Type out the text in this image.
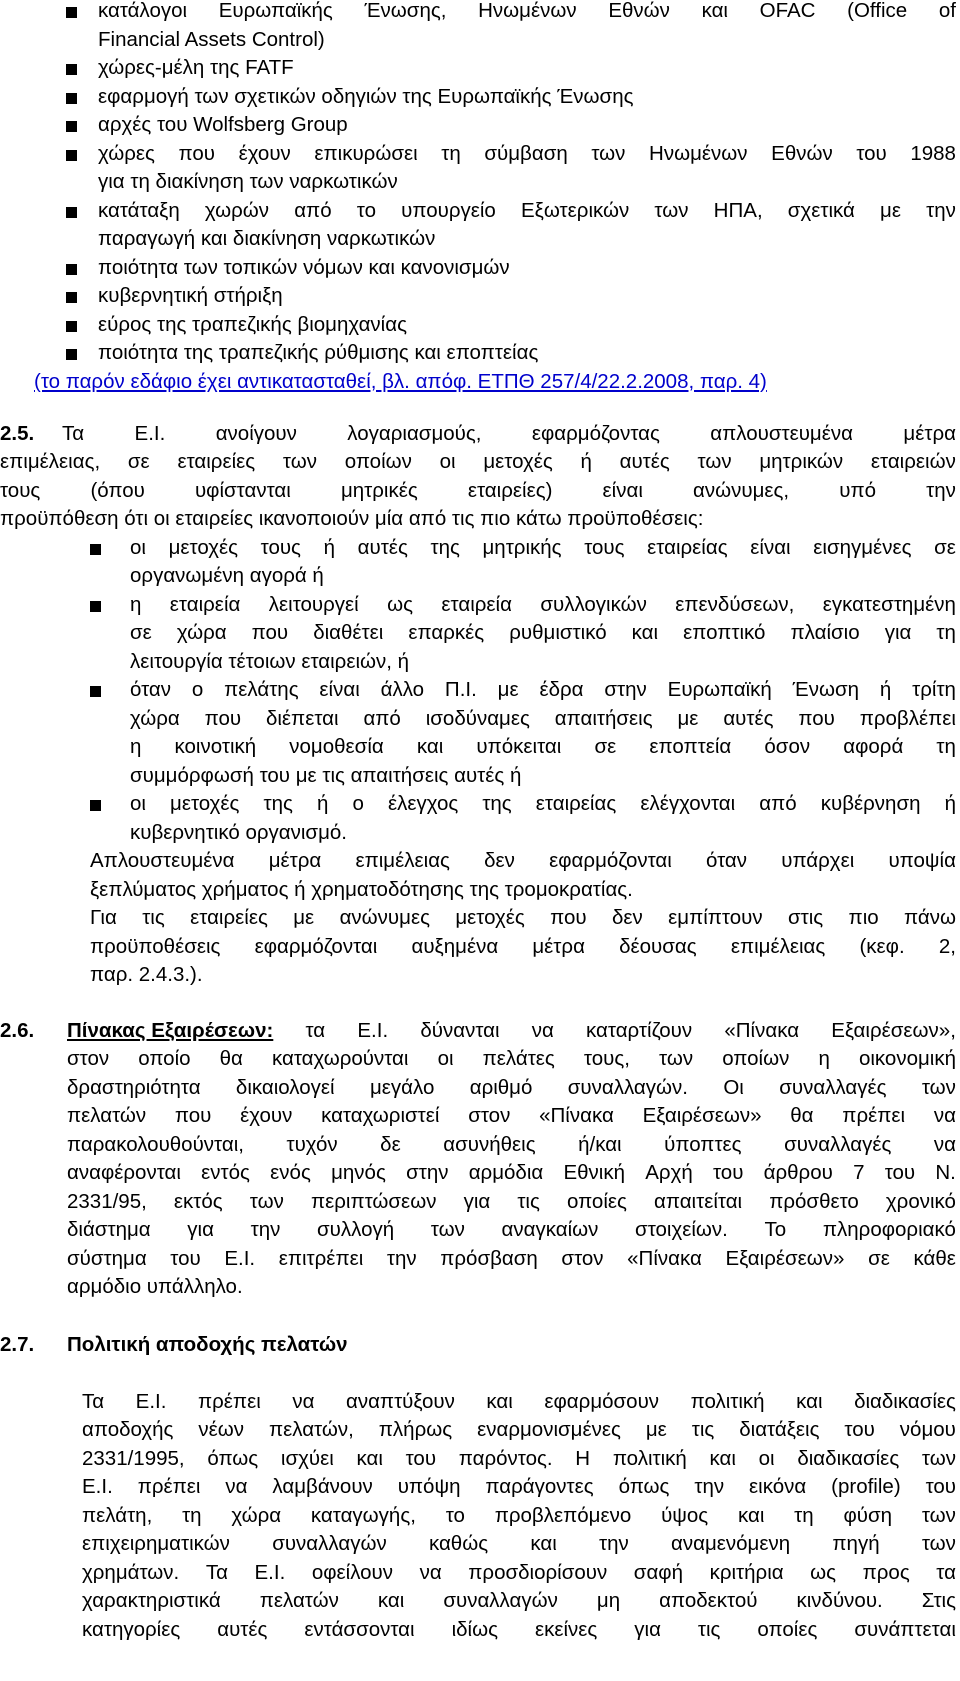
κατάλογοι Ευρωπαϊκής Ένωσης, Ηνωμένων Εθνών και OFAC (Office of
Financial Assets Control)
χώρες-μέλη της FATF
εφαρμογή των σχετικών οδηγιών της Ευρωπαϊκής Ένωσης
αρχές του Wolfsberg Group
χώρες που έχουν επικυρώσει τη σύμβαση των Ηνωμένων Εθνών του 1988
για τη διακίνηση των ναρκωτικών
κατάταξη χωρών από το υπουργείο Εξωτερικών των ΗΠΑ, σχετικά με την
παραγωγή και διακίνηση ναρκωτικών
ποιότητα των τοπικών νόμων και κανονισμών
κυβερνητική στήριξη
εύρος της τραπεζικής βιομηχανίας
ποιότητα της τραπεζικής ρύθμισης και εποπτείας
(το παρόν εδάφιο έχει αντικατασταθεί, βλ. απόφ. ΕΤΠΘ 257/4/22.2.2008, παρ. 4)
2.5. Τα Ε.Ι. ανοίγουν λογαριασμούς, εφαρμόζοντας απλουστευμένα μέτρα
επιμέλειας, σε εταιρείες των οποίων οι μετοχές ή αυτές των μητρικών εταιρειών
τους (όπου υφίστανται μητρικές εταιρείες) είναι ανώνυμες, υπό την
προϋπόθεση ότι οι εταιρείες ικανοποιούν μία από τις πιο κάτω προϋποθέσεις:
οι μετοχές τους ή αυτές της μητρικής τους εταιρείας είναι εισηγμένες σε
οργανωμένη αγορά ή
η εταιρεία λειτουργεί ως εταιρεία συλλογικών επενδύσεων, εγκατεστημένη
σε χώρα που διαθέτει επαρκές ρυθμιστικό και εποπτικό πλαίσιο για τη
λειτουργία τέτοιων εταιρειών, ή
όταν ο πελάτης είναι άλλο Π.Ι. με έδρα στην Ευρωπαϊκή Ένωση ή τρίτη
χώρα που διέπεται από ισοδύναμες απαιτήσεις με αυτές που προβλέπει
η κοινοτική νομοθεσία και υπόκειται σε εποπτεία όσον αφορά τη
συμμόρφωσή του με τις απαιτήσεις αυτές ή
οι μετοχές της ή ο έλεγχος της εταιρείας ελέγχονται από κυβέρνηση ή
κυβερνητικό οργανισμό.
Απλουστευμένα μέτρα επιμέλειας δεν εφαρμόζονται όταν υπάρχει υποψία
ξεπλύματος χρήματος ή χρηματοδότησης της τρομοκρατίας.
Για τις εταιρείες με ανώνυμες μετοχές που δεν εμπίπτουν στις πιο πάνω
προϋποθέσεις εφαρμόζονται αυξημένα μέτρα δέουσας επιμέλειας (κεφ. 2,
παρ. 2.4.3.).
2.6. Πίνακας Εξαιρέσεων: τα Ε.Ι. δύνανται να καταρτίζουν «Πίνακα Εξαιρέσεων»,
στον οποίο θα καταχωρούνται οι πελάτες τους, των οποίων η οικονομική
δραστηριότητα δικαιολογεί μεγάλο αριθμό συναλλαγών. Οι συναλλαγές των
πελατών που έχουν καταχωριστεί στον «Πίνακα Εξαιρέσεων» θα πρέπει να
παρακολουθούνται, τυχόν δε ασυνήθεις ή/και ύποπτες συναλλαγές να
αναφέρονται εντός ενός μηνός στην αρμόδια Εθνική Αρχή του άρθρου 7 του Ν.
2331/95, εκτός των περιπτώσεων για τις οποίες απαιτείται πρόσθετο χρονικό
διάστημα για την συλλογή των αναγκαίων στοιχείων. Το πληροφοριακό
σύστημα του Ε.Ι. επιτρέπει την πρόσβαση στον «Πίνακα Εξαιρέσεων» σε κάθε
αρμόδιο υπάλληλο.
2.7. Πολιτική αποδοχής πελατών
Τα Ε.Ι. πρέπει να αναπτύξουν και εφαρμόσουν πολιτική και διαδικασίες
αποδοχής νέων πελατών, πλήρως εναρμονισμένες με τις διατάξεις του νόμου
2331/1995, όπως ισχύει και του παρόντος. Η πολιτική και οι διαδικασίες των
Ε.Ι. πρέπει να λαμβάνουν υπόψη παράγοντες όπως την εικόνα (profile) του
πελάτη, τη χώρα καταγωγής, το προβλεπόμενο ύψος και τη φύση των
επιχειρηματικών συναλλαγών καθώς και την αναμενόμενη πηγή των
χρημάτων. Τα Ε.Ι. οφείλουν να προσδιορίσουν σαφή κριτήρια ως προς τα
χαρακτηριστικά πελατών και συναλλαγών μη αποδεκτού κινδύνου. Στις
κατηγορίες αυτές εντάσσονται ιδίως εκείνες για τις οποίες συνάπτεται
